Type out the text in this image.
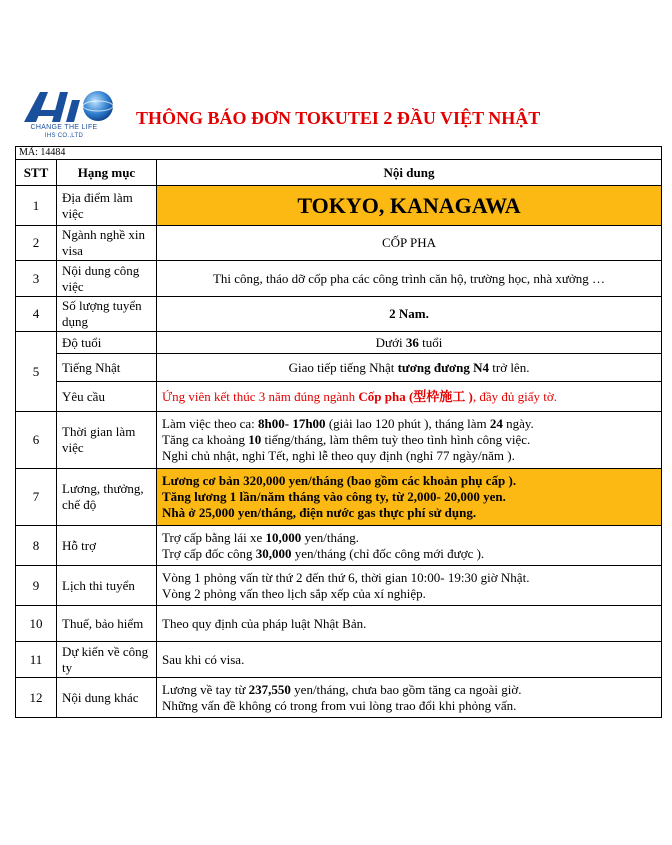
CHANGE THE LIFE
IHS CO.,LTD
THÔNG BÁO ĐƠN TOKUTEI 2 ĐẦU VIỆT NHẬT
MÃ: 14484		
STT	Hạng mục	Nội dung
1	Địa điểm làm việc	TOKYO, KANAGAWA
2	Ngành nghề xin visa	CỐP PHA
3	Nội dung công việc	Thi công, tháo dỡ cốp pha các công trình căn hộ, trường học, nhà xưởng …
4	Số lượng tuyển dụng	2 Nam.
5	Độ tuổi	Dưới 36 tuổi
	Tiếng Nhật	Giao tiếp tiếng Nhật tương đương N4 trở lên.
	Yêu cầu	Ứng viên kết thúc 3 năm đúng ngành Cốp pha (型枠施工 ), đầy đủ giấy tờ.
6	Thời gian làm việc	Làm việc theo ca: 8h00- 17h00 (giải lao 120 phút ), tháng làm 24 ngày.
Tăng ca khoảng 10 tiếng/tháng, làm thêm tuỳ theo tình hình công việc.
Nghỉ chủ nhật, nghỉ Tết, nghỉ lễ theo quy định (nghỉ 77 ngày/năm ).

7	Lương, thưởng, chế độ	Lương cơ bản 320,000 yen/tháng (bao gồm các khoản phụ cấp ).
Tăng lương 1 lần/năm tháng vào công ty, từ 2,000- 20,000 yen.
Nhà ở 25,000 yen/tháng, điện nước gas thực phí sử dụng.

8	Hỗ trợ	Trợ cấp bằng lái xe 10,000 yen/tháng.
Trợ cấp đốc công 30,000 yen/tháng (chỉ đốc công mới được ).

9	Lịch thi tuyển	Vòng 1 phỏng vấn từ thứ 2 đến thứ 6, thời gian 10:00- 19:30 giờ Nhật.
Vòng 2 phỏng vấn theo lịch sắp xếp của xí nghiệp.

10	Thuế, bảo hiểm	Theo quy định của pháp luật Nhật Bản.
11	Dự kiến về công ty	Sau khi có visa.
12	Nội dung khác	Lương về tay từ 237,550 yen/tháng, chưa bao gồm tăng ca ngoài giờ.
Những vấn đề không có trong from vui lòng trao đổi khi phỏng vấn.
